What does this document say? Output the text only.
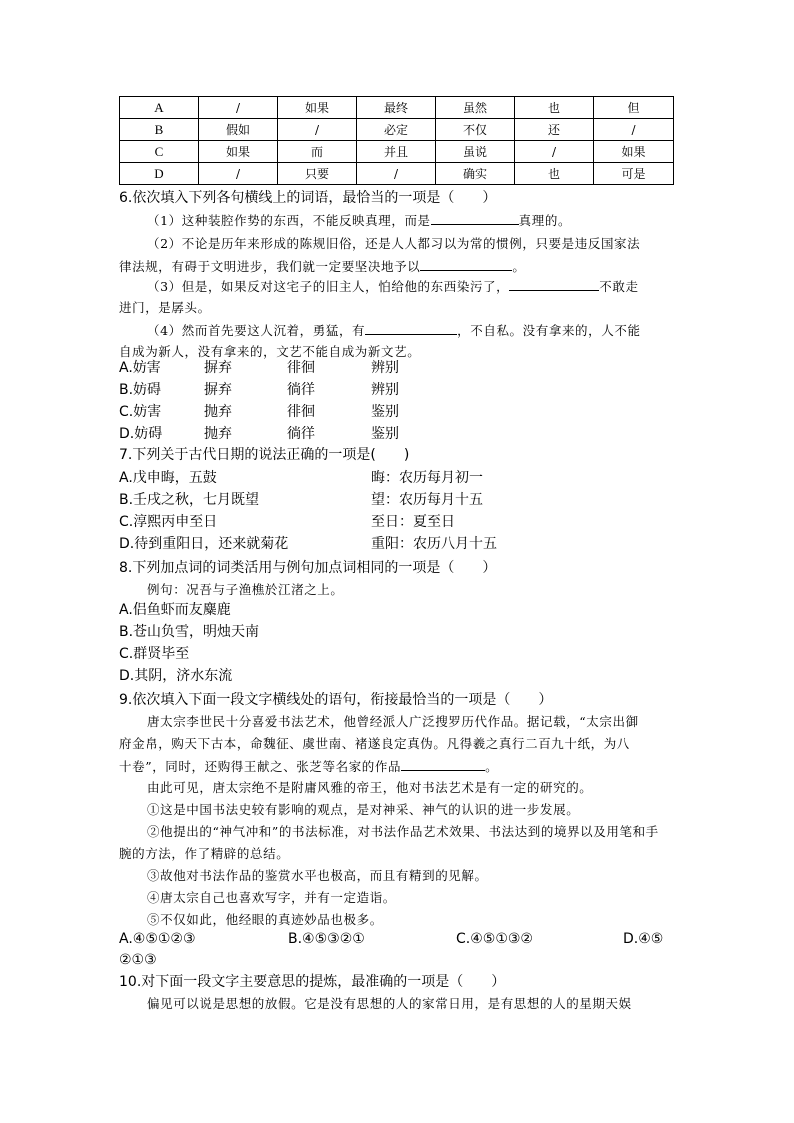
A	/	如果	最终	虽然	也	但
B	假如	/	必定	不仅	还	/
C	如果	而	并且	虽说	/	如果
D	/	只要	/	确实	也	可是
6.依次填入下列各句横线上的词语，最恰当的一项是（　　）
（1）这种装腔作势的东西，不能反映真理，而是	真理的。
（2）不论是历年来形成的陈规旧俗，还是人人都习以为常的惯例，只要是违反国家法
律法规，有碍于文明进步，我们就一定要坚决地予以	。
（3）但是，如果反对这宅子的旧主人，怕给他的东西染污了，	不敢走
进门，是孱头。
（4）然而首先要这人沉着，勇猛，有	，不自私。没有拿来的，人不能
自成为新人，没有拿来的，文艺不能自成为新文艺。
A.妨害	摒弃	徘徊	辨别
B.妨碍	摒弃	徜徉	辨别
C.妨害	抛弃	徘徊	鉴别
D.妨碍	抛弃	徜徉	鉴别
7.下列关于古代日期的说法正确的一项是(　　)
A.戊申晦，五鼓	晦：农历每月初一
B.壬戌之秋，七月既望	望：农历每月十五
C.淳熙丙申至日	至日：夏至日
D.待到重阳日，还来就菊花	重阳：农历八月十五
8.下列加点词的词类活用与例句加点词相同的一项是（　　）
例句：况吾与子渔樵於江渚之上。
A.侣鱼虾而友麋鹿
B.苍山负雪，明烛天南
C.群贤毕至
D.其阴，济水东流
9.依次填入下面一段文字横线处的语句，衔接最恰当的一项是（　　）
唐太宗李世民十分喜爱书法艺术，他曾经派人广泛搜罗历代作品。据记载，“太宗出御
府金帛，购天下古本，命魏征、虞世南、褚遂良定真伪。凡得羲之真行二百九十纸，为八
十卷”，同时，还购得王献之、张芝等名家的作品	。
由此可见，唐太宗绝不是附庸风雅的帝王，他对书法艺术是有一定的研究的。
①这是中国书法史较有影响的观点，是对神采、神气的认识的进一步发展。
②他提出的“神气冲和”的书法标准，对书法作品艺术效果、书法达到的境界以及用笔和手
腕的方法，作了精辟的总结。
③故他对书法作品的鉴赏水平也极高，而且有精到的见解。
④唐太宗自己也喜欢写字，并有一定造诣。
⑤不仅如此，他经眼的真迹妙品也极多。
A.④⑤①②③	B.④⑤③②①	C.④⑤①③②	D.④⑤
②①③
10.对下面一段文字主要意思的提炼，最准确的一项是（　　）
偏见可以说是思想的放假。它是没有思想的人的家常日用，是有思想的人的星期天娱
